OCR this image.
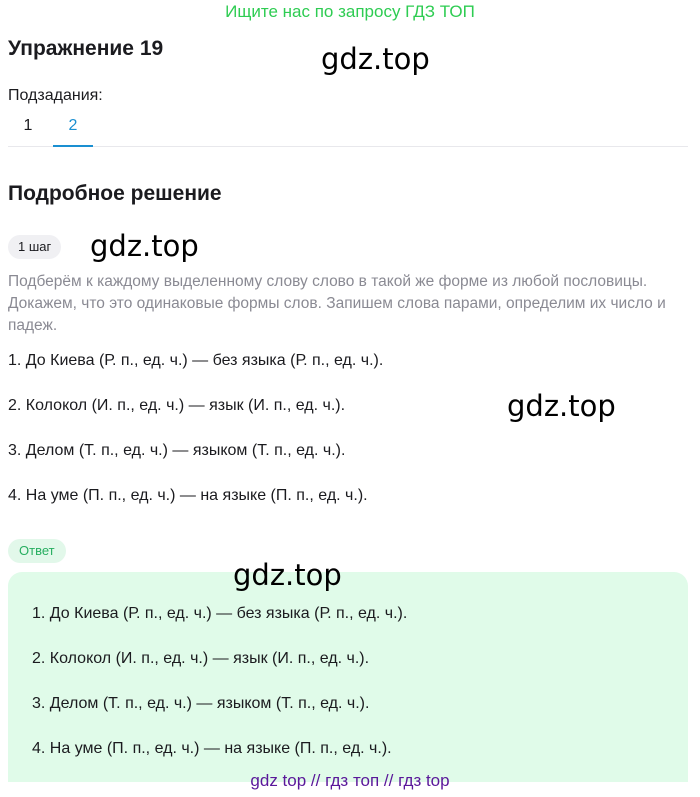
Ищите нас по запросу ГДЗ ТОП
Упражнение 19	gdz.top
Подзадания:
1	2
Подробное решение
1 шаг	gdz.top
Подберём к каждому выделенному слову слово в такой же форме из любой пословицы. Докажем, что это одинаковые формы слов. Запишем слова парами, определим их число и падеж.
1. До Киева (Р. п., ед. ч.) — без языка (Р. п., ед. ч.).
2. Колокол (И. п., ед. ч.) — язык (И. п., ед. ч.).	gdz.top
3. Делом (Т. п., ед. ч.) — языком (Т. п., ед. ч.).
4. На уме (П. п., ед. ч.) — на языке (П. п., ед. ч.).
Ответ
gdz.top
1. До Киева (Р. п., ед. ч.) — без языка (Р. п., ед. ч.).
2. Колокол (И. п., ед. ч.) — язык (И. п., ед. ч.).
3. Делом (Т. п., ед. ч.) — языком (Т. п., ед. ч.).
4. На уме (П. п., ед. ч.) — на языке (П. п., ед. ч.).
gdz top // гдз топ // гдз top
